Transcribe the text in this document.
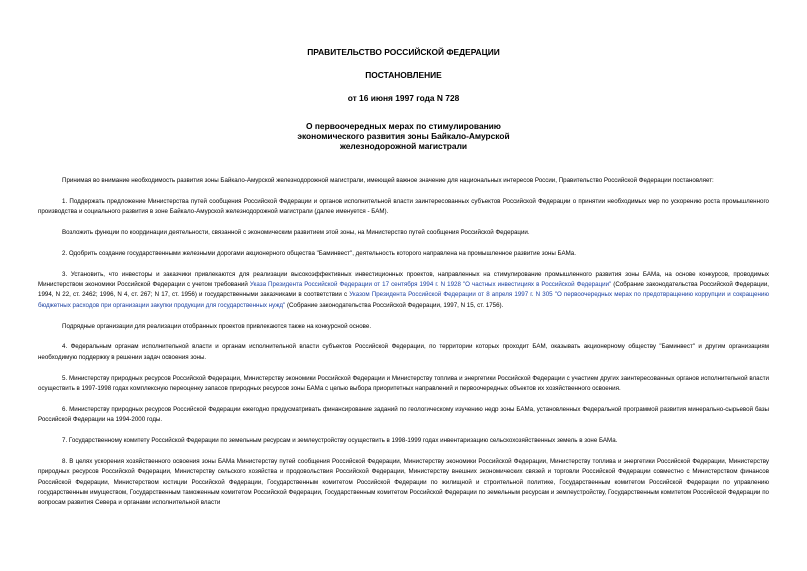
ПРАВИТЕЛЬСТВО РОССИЙСКОЙ ФЕДЕРАЦИИ
ПОСТАНОВЛЕНИЕ
от 16 июня 1997 года N 728
О первоочередных мерах по стимулированию
экономического развития зоны Байкало-Амурской
железнодорожной магистрали

Принимая во внимание необходимость развития зоны Байкало-Амурской железнодорожной магистрали, имеющей важное значение для национальных интересов России, Правительство Российской Федерации постановляет:

1. Поддержать предложение Министерства путей сообщения Российской Федерации и органов исполнительной власти заинтересованных субъектов Российской Федерации о принятии необходимых мер по ускорению роста промышленного производства и социального развития в зоне Байкало-Амурской железнодорожной магистрали (далее именуется - БАМ).

Возложить функции по координации деятельности, связанной с экономическим развитием этой зоны, на Министерство путей сообщения Российской Федерации.

2. Одобрить создание государственными железными дорогами акционерного общества "Баминвест", деятельность которого направлена на промышленное развитие зоны БАМа.

3. Установить, что инвесторы и заказчики привлекаются для реализации высокоэффективных инвестиционных проектов, направленных на стимулирование промышленного развития зоны БАМа, на основе конкурсов, проводимых Министерством экономики Российской Федерации с учетом требований Указа Президента Российской Федерации от 17 сентября 1994 г. N 1928 "О частных инвестициях в Российской Федерации" (Собрание законодательства Российской Федерации, 1994, N 22, ст. 2462; 1996, N 4, ст. 267; N 17, ст. 1956) и государственными заказчиками в соответствии с Указом Президента Российской Федерации от 8 апреля 1997 г. N 305 "О первоочередных мерах по предотвращению коррупции и сокращению бюджетных расходов при организации закупки продукции для государственных нужд" (Собрание законодательства Российской Федерации, 1997, N 15, ст. 1756).

Подрядные организации для реализации отобранных проектов привлекаются также на конкурсной основе.

4. Федеральным органам исполнительной власти и органам исполнительной власти субъектов Российской Федерации, по территории которых проходит БАМ, оказывать акционерному обществу "Баминвест" и другим организациям необходимую поддержку в решении задач освоения зоны.

5. Министерству природных ресурсов Российской Федерации, Министерству экономики Российской Федерации и Министерству топлива и энергетики Российской Федерации с участием других заинтересованных органов исполнительной власти осуществить в 1997-1998 годах комплексную переоценку запасов природных ресурсов зоны БАМа с целью выбора приоритетных направлений и первоочередных объектов их хозяйственного освоения.

6. Министерству природных ресурсов Российской Федерации ежегодно предусматривать финансирование заданий по геологическому изучению недр зоны БАМа, установленных Федеральной программой развития минерально-сырьевой базы Российской Федерации на 1994-2000 годы.

7. Государственному комитету Российской Федерации по земельным ресурсам и землеустройству осуществить в 1998-1999 годах инвентаризацию сельскохозяйственных земель в зоне БАМа.

8. В целях ускорения хозяйственного освоения зоны БАМа Министерству путей сообщения Российской Федерации, Министерству экономики Российской Федерации, Министерству топлива и энергетики Российской Федерации, Министерству природных ресурсов Российской Федерации, Министерству сельского хозяйства и продовольствия Российской Федерации, Министерству внешних экономических связей и торговли Российской Федерации совместно с Министерством финансов Российской Федерации, Министерством юстиции Российской Федерации, Государственным комитетом Российской Федерации по жилищной и строительной политике, Государственным комитетом Российской Федерации по управлению государственным имуществом, Государственным таможенным комитетом Российской Федерации, Государственным комитетом Российской Федерации по земельным ресурсам и землеустройству, Государственным комитетом Российской Федерации по вопросам развития Севера и органами исполнительной власти
